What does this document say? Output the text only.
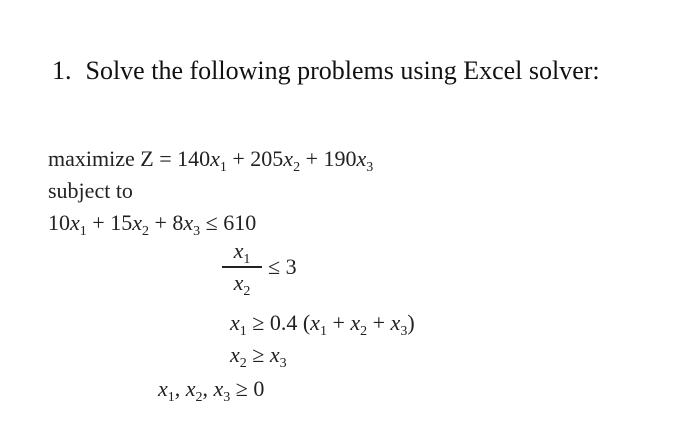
1. Solve the following problems using Excel solver:
maximize $Z = 140x_1 + 205x_2 + 190x_3$
subject to
$10x_1 + 15x_2 + 8x_3 \le 610$
$x_1$
$x_2$
≤ 3
$x_1 \ge 0.4$ $(x_1 + x_2 + x_3)$
$x_2 \ge x_3$
$x_1$, $x_2$, $x_3 \ge 0$
